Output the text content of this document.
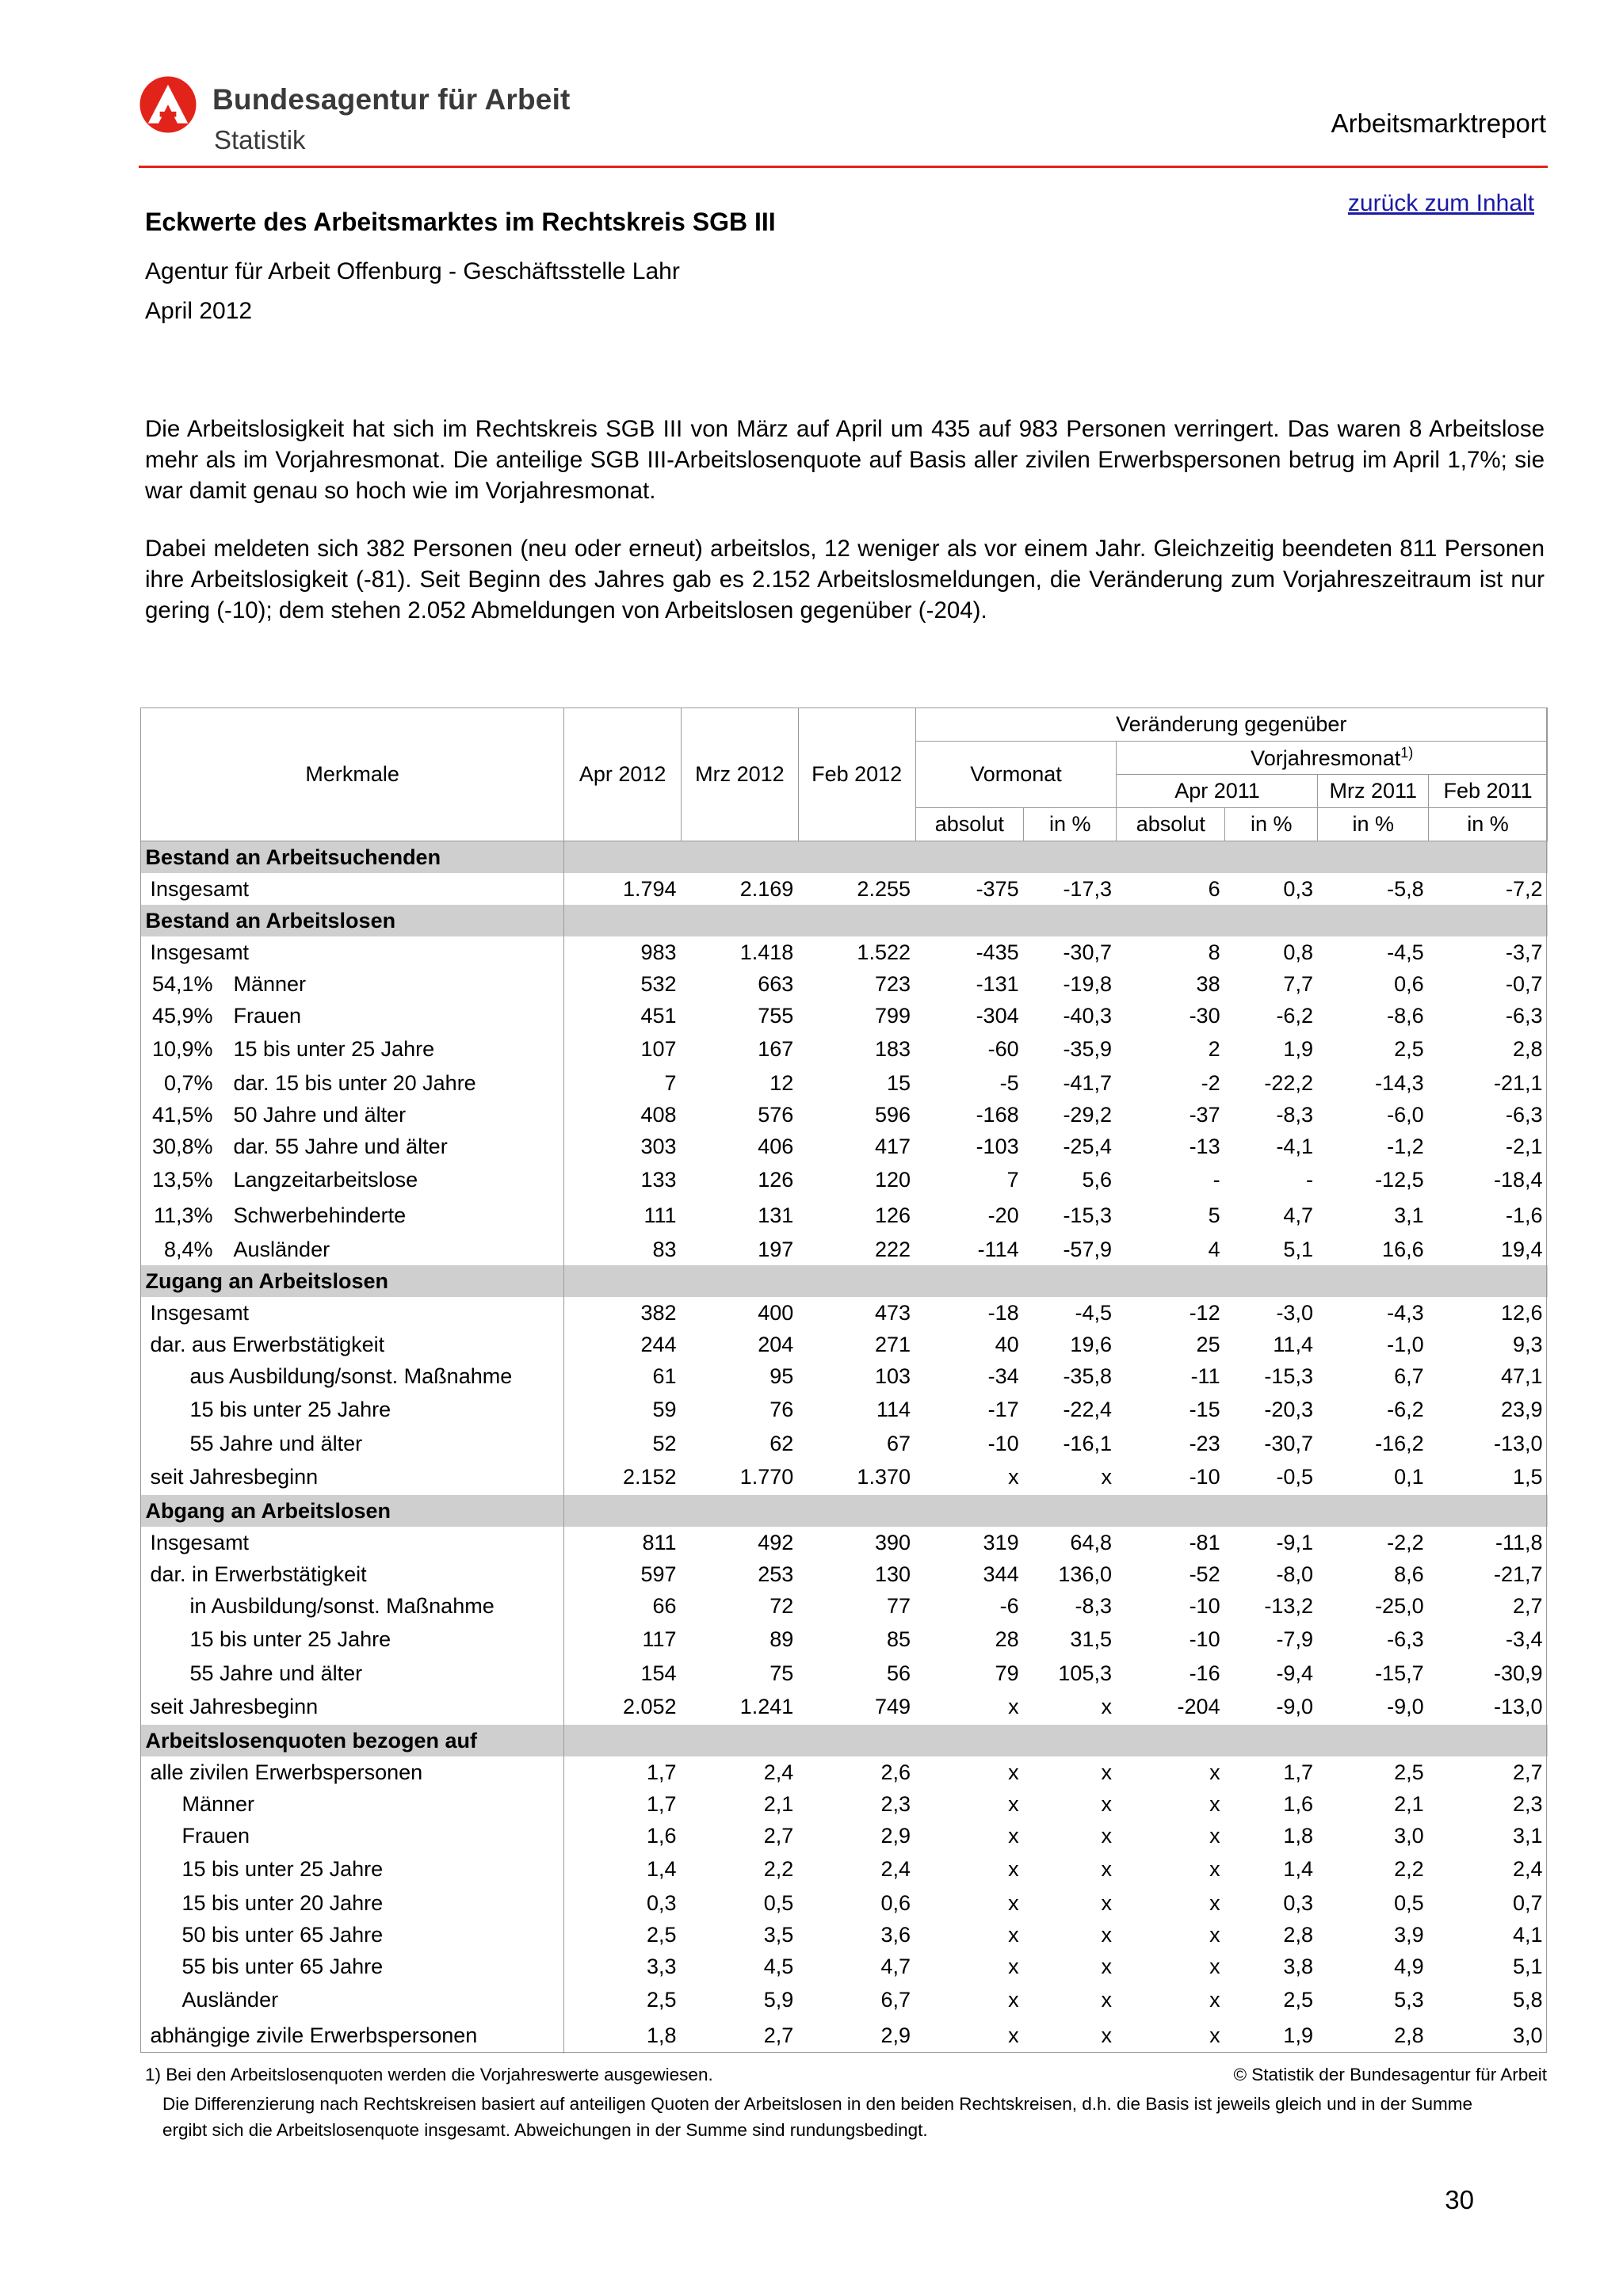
Bundesagentur für Arbeit
Statistik
Arbeitsmarktreport
zurück zum Inhalt
Eckwerte des Arbeitsmarktes im Rechtskreis SGB III
Agentur für Arbeit Offenburg - Geschäftsstelle Lahr
April 2012

Die Arbeitslosigkeit hat sich im Rechtskreis SGB III von März auf April um 435 auf 983 Personen verringert. Das waren 8 Arbeitslose mehr als im Vorjahresmonat. Die anteilige SGB III-Arbeitslosenquote auf Basis aller zivilen Erwerbspersonen betrug im April 1,7%; sie war damit genau so hoch wie im Vorjahresmonat.

Dabei meldeten sich 382 Personen (neu oder erneut) arbeitslos, 12 weniger als vor einem Jahr. Gleichzeitig beendeten 811 Personen ihre Arbeitslosigkeit (-81). Seit Beginn des Jahres gab es 2.152 Arbeitslosmeldungen, die Veränderung zum Vorjahreszeitraum ist nur gering (-10); dem stehen 2.052 Abmeldungen von Arbeitslosen gegenüber (-204).

Merkmale	Apr 2012	Mrz 2012	Feb 2012	Veränderung gegenüber					
				Vormonat		Vorjahresmonat$^{1)}$
						Apr 2011		Mrz 2011	Feb 2011
				absolut	in %	absolut	in %	in %	in %
Bestand an Arbeitsuchenden									
Insgesamt	1.794	2.169	2.255	-375	-17,3	6	0,3	-5,8	-7,2
Bestand an Arbeitslosen									
Insgesamt	983	1.418	1.522	-435	-30,7	8	0,8	-4,5	-3,7
54,1% Männer	532	663	723	-131	-19,8	38	7,7	0,6	-0,7
45,9% Frauen	451	755	799	-304	-40,3	-30	-6,2	-8,6	-6,3
10,9% 15 bis unter 25 Jahre	107	167	183	-60	-35,9	2	1,9	2,5	2,8
0,7% dar. 15 bis unter 20 Jahre	7	12	15	-5	-41,7	-2	-22,2	-14,3	-21,1
41,5% 50 Jahre und älter	408	576	596	-168	-29,2	-37	-8,3	-6,0	-6,3
30,8% dar. 55 Jahre und älter	303	406	417	-103	-25,4	-13	-4,1	-1,2	-2,1
13,5% Langzeitarbeitslose	133	126	120	7	5,6	-	-	-12,5	-18,4
11,3% Schwerbehinderte	111	131	126	-20	-15,3	5	4,7	3,1	-1,6
8,4% Ausländer	83	197	222	-114	-57,9	4	5,1	16,6	19,4
Zugang an Arbeitslosen									
Insgesamt	382	400	473	-18	-4,5	-12	-3,0	-4,3	12,6
dar. aus Erwerbstätigkeit	244	204	271	40	19,6	25	11,4	-1,0	9,3
aus Ausbildung/sonst. Maßnahme	61	95	103	-34	-35,8	-11	-15,3	6,7	47,1
15 bis unter 25 Jahre	59	76	114	-17	-22,4	-15	-20,3	-6,2	23,9
55 Jahre und älter	52	62	67	-10	-16,1	-23	-30,7	-16,2	-13,0
seit Jahresbeginn	2.152	1.770	1.370	x	x	-10	-0,5	0,1	1,5
Abgang an Arbeitslosen									
Insgesamt	811	492	390	319	64,8	-81	-9,1	-2,2	-11,8
dar. in Erwerbstätigkeit	597	253	130	344	136,0	-52	-8,0	8,6	-21,7
in Ausbildung/sonst. Maßnahme	66	72	77	-6	-8,3	-10	-13,2	-25,0	2,7
15 bis unter 25 Jahre	117	89	85	28	31,5	-10	-7,9	-6,3	-3,4
55 Jahre und älter	154	75	56	79	105,3	-16	-9,4	-15,7	-30,9
seit Jahresbeginn	2.052	1.241	749	x	x	-204	-9,0	-9,0	-13,0
Arbeitslosenquoten bezogen auf									
alle zivilen Erwerbspersonen	1,7	2,4	2,6	x	x	x	1,7	2,5	2,7
Männer	1,7	2,1	2,3	x	x	x	1,6	2,1	2,3
Frauen	1,6	2,7	2,9	x	x	x	1,8	3,0	3,1
15 bis unter 25 Jahre	1,4	2,2	2,4	x	x	x	1,4	2,2	2,4
15 bis unter 20 Jahre	0,3	0,5	0,6	x	x	x	0,3	0,5	0,7
50 bis unter 65 Jahre	2,5	3,5	3,6	x	x	x	2,8	3,9	4,1
55 bis unter 65 Jahre	3,3	4,5	4,7	x	x	x	3,8	4,9	5,1
Ausländer	2,5	5,9	6,7	x	x	x	2,5	5,3	5,8
abhängige zivile Erwerbspersonen	1,8	2,7	2,9	x	x	x	1,9	2,8	3,0
1) Bei den Arbeitslosenquoten werden die Vorjahreswerte ausgewiesen.	© Statistik der Bundesagentur für Arbeit
Die Differenzierung nach Rechtskreisen basiert auf anteiligen Quoten der Arbeitslosen in den beiden Rechtskreisen, d.h. die Basis ist jeweils gleich und in der Summe ergibt sich die Arbeitslosenquote insgesamt. Abweichungen in der Summe sind rundungsbedingt.
30
